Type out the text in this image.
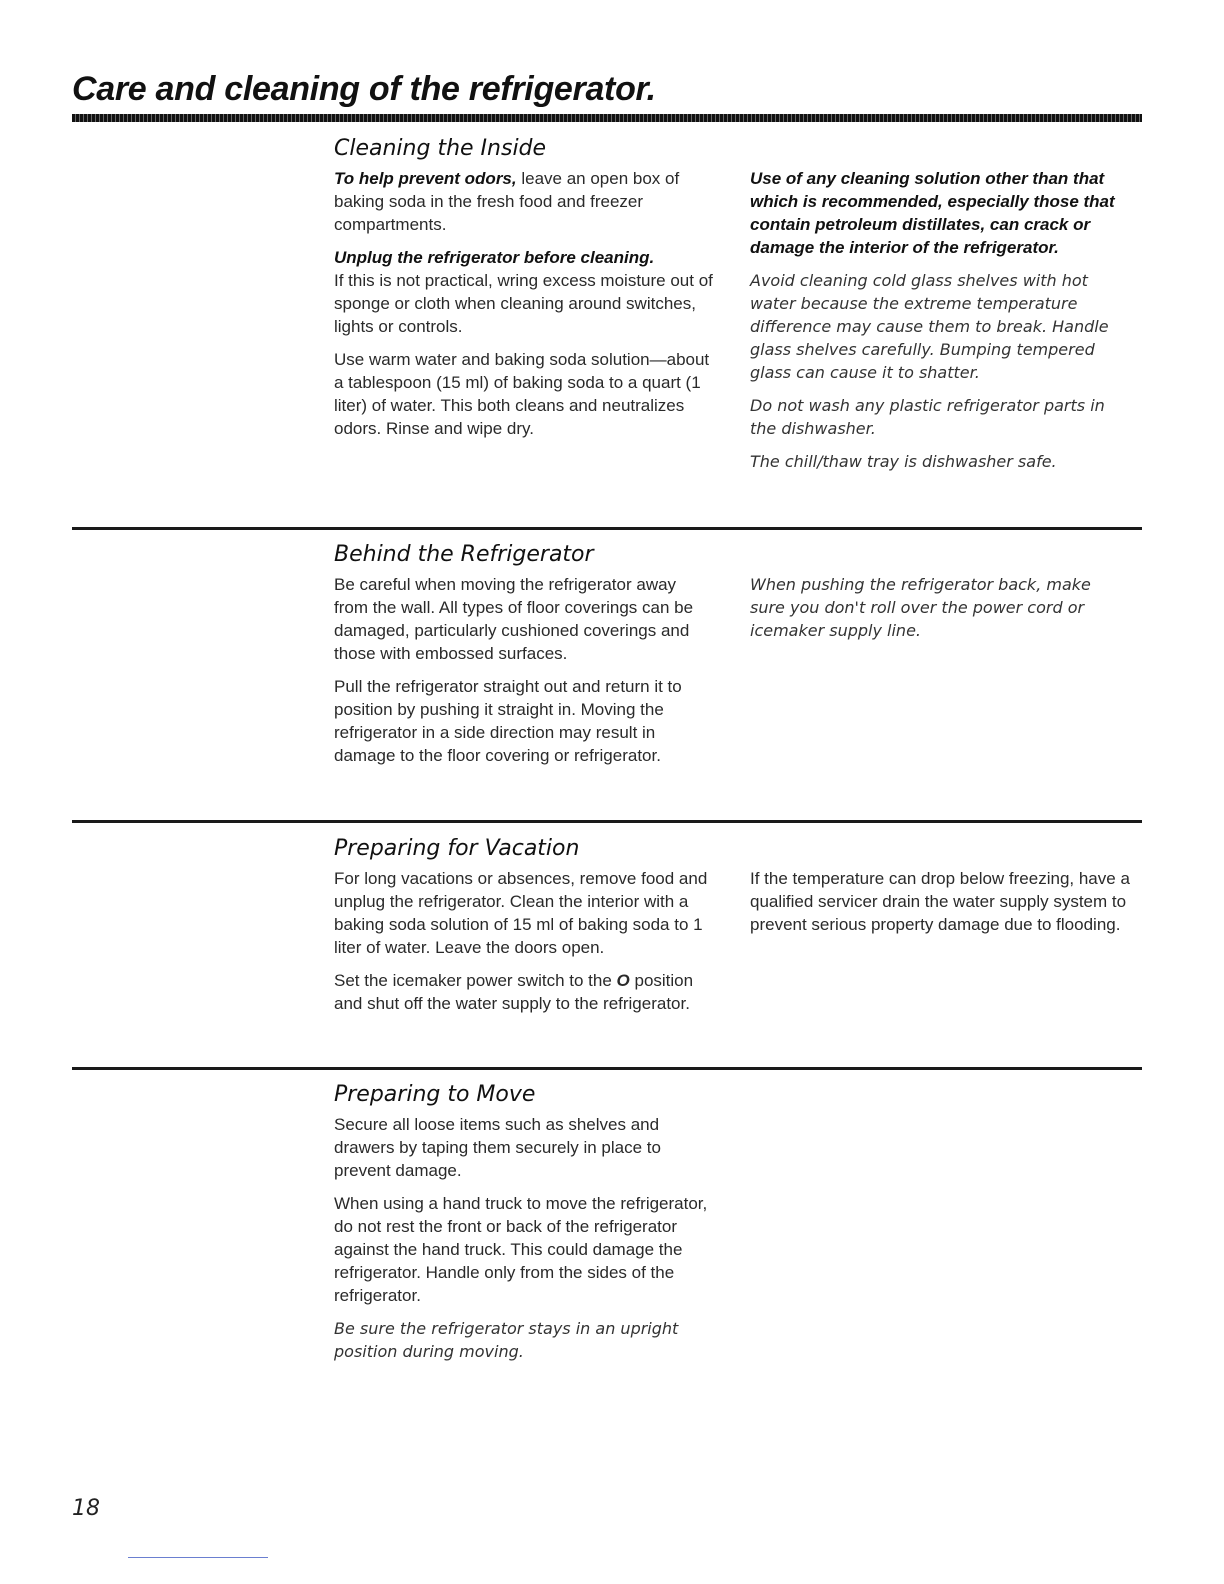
Care and cleaning of the refrigerator.
Cleaning the Inside

To help prevent odors, leave an open box of baking soda in the fresh food and freezer compartments.

Unplug the refrigerator before cleaning.
If this is not practical, wring excess moisture out of sponge or cloth when cleaning around switches, lights or controls.

Use warm water and baking soda solution—about a tablespoon (15 ml) of baking soda to a quart (1 liter) of water. This both cleans and neutralizes odors. Rinse and wipe dry.

Use of any cleaning solution other than that which is recommended, especially those that contain petroleum distillates, can crack or damage the interior of the refrigerator.

Avoid cleaning cold glass shelves with hot water because the extreme temperature difference may cause them to break. Handle glass shelves carefully. Bumping tempered glass can cause it to shatter.

Do not wash any plastic refrigerator parts in the dishwasher.

The chill/thaw tray is dishwasher safe.

Behind the Refrigerator

Be careful when moving the refrigerator away from the wall. All types of floor coverings can be damaged, particularly cushioned coverings and those with embossed surfaces.

Pull the refrigerator straight out and return it to position by pushing it straight in. Moving the refrigerator in a side direction may result in damage to the floor covering or refrigerator.

When pushing the refrigerator back, make sure you don't roll over the power cord or icemaker supply line.

Preparing for Vacation

For long vacations or absences, remove food and unplug the refrigerator. Clean the interior with a baking soda solution of 15 ml of baking soda to 1 liter of water. Leave the doors open.

Set the icemaker power switch to the O position and shut off the water supply to the refrigerator.

If the temperature can drop below freezing, have a qualified servicer drain the water supply system to prevent serious property damage due to flooding.

Preparing to Move

Secure all loose items such as shelves and drawers by taping them securely in place to prevent damage.

When using a hand truck to move the refrigerator, do not rest the front or back of the refrigerator against the hand truck. This could damage the refrigerator. Handle only from the sides of the refrigerator.

Be sure the refrigerator stays in an upright position during moving.

18
